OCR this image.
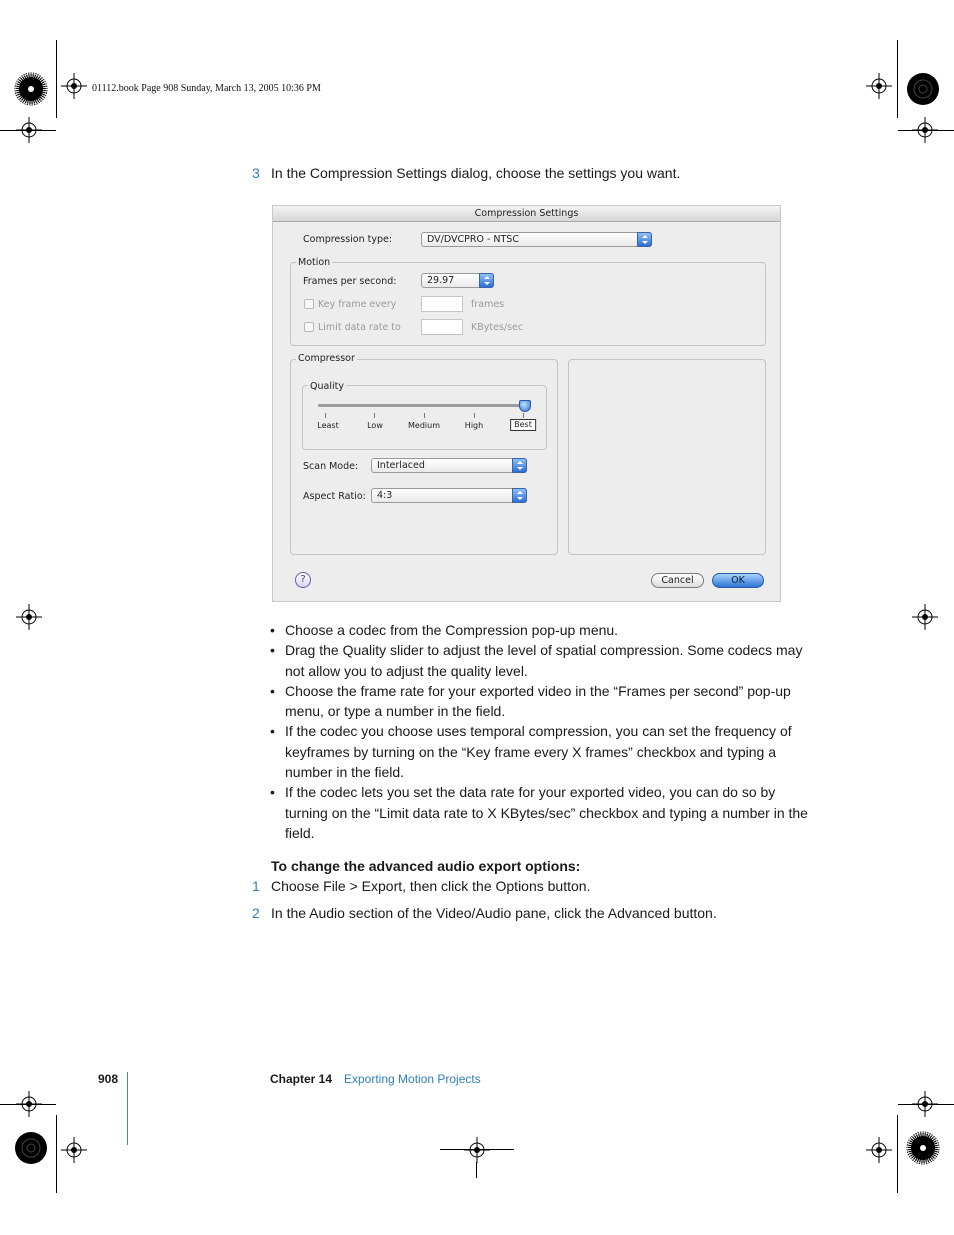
01112.book Page 908 Sunday, March 13, 2005 10:36 PM
3 In the Compression Settings dialog, choose the settings you want.
Compression Settings
Compression type:	DV/DVCPRO - NTSC
Motion
Frames per second:	29.97
Key frame every	frames
Limit data rate to	KBytes/sec
Compressor
Quality
Least	Low	Medium	High	Best
Scan Mode:	Interlaced
Aspect Ratio:	4:3
?	Cancel	OK
• Choose a codec from the Compression pop-up menu.
• Drag the Quality slider to adjust the level of spatial compression. Some codecs may not allow you to adjust the quality level.
• Choose the frame rate for your exported video in the “Frames per second” pop-up menu, or type a number in the field.
• If the codec you choose uses temporal compression, you can set the frequency of keyframes by turning on the “Key frame every X frames” checkbox and typing a number in the field.
• If the codec lets you set the data rate for your exported video, you can do so by turning on the “Limit data rate to X KBytes/sec” checkbox and typing a number in the field.
To change the advanced audio export options:
1 Choose File > Export, then click the Options button.
2 In the Audio section of the Video/Audio pane, click the Advanced button.
908	Chapter 14 Exporting Motion Projects
